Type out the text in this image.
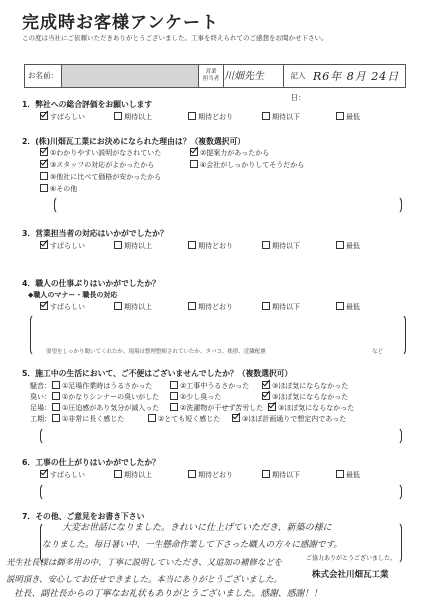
完成時お客様アンケート
この度は当社にご依頼いただきありがとうございました。工事を終えられてのご感想をお聞かせ下さい。
お名前：	営業
担当者 川畑先生	記入日：
R6年 8月 24日
1．弊社への総合評価をお願いします
すばらしい	期待以上	期待どおり	期待以下	最低
2．(株)川畑瓦工業にお決めになられた理由は？（複数選択可）
①わかりやすい説明がなされていた	②提案力があったから
③スタッフの対応がよかったから	④会社がしっかりしてそうだから
⑤他社に比べて価格が安かったから
⑥その他
3．営業担当者の対応はいかがでしたか？
すばらしい	期待以上	期待どおり	期待以下	最低
4．職人の仕事ぶりはいかがでしたか？
◆職人のマナー・職長の対応
すばらしい	期待以上	期待どおり	期待以下	最低
要望をしっかり聞いてくれたか、現場は整理整頓されていたか、タバコ、挨拶、近隣配慮	など
5．施工中の生活において、ご不便はございませんでしたか？（複数選択可）
騒音：	①足場作業時はうるさかった	②工事中うるさかった	③ほぼ気にならなかった
臭い：	①かなりシンナーの臭いがした	②少し臭った	③ほぼ気にならなかった
足場：	①圧迫感があり気分が滅入った	②洗濯物が干せず苦労した	③ほぼ気にならなかった
工期：	①非常に長く感じた	②とても短く感じた	③ほぼ計画通りで想定内であった
6．工事の仕上がりはいかがでしたか？
すばらしい	期待以上	期待どおり	期待以下	最低
7．その他、ご意見をお書き下さい
大変お世話になりました。きれいに仕上げていただき、新築の様に
なりました。毎日暑い中、一生懸命作業して下さった職人の方々に感謝です。
光生社長様は御多用の中、丁寧に説明していただき、又追加の補修などを
説明頂き、安心してお任せできました。本当にありがとうございました。
社長、副社長からの丁寧なお礼状もありがとうございました。感謝、感謝！！
ご協力ありがとうございました。
株式会社川畑瓦工業
